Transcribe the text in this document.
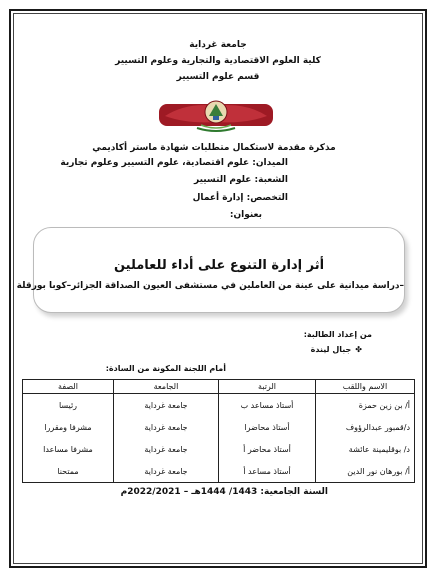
جامعة غرداية
كلية العلوم الاقتصادية والتجارية وعلوم التسيير
قسم علوم التسيير
مذكرة مقدمة لاستكمال متطلبات شهادة ماستر أكاديمي
الميدان: علوم اقتصادية، علوم التسيير وعلوم تجارية
الشعبة: علوم التسيير
التخصص: إدارة أعمال
بعنوان:
أثر إدارة التنوع على أداء للعاملين
–دراسة ميدانية على عينة من العاملين في مستشفى العيون الصداقة الجزائر–كوبا بورقلة
من إعداد الطالبة:
✤جبال ليندة
أمام اللجنة المكونة من السادة:
الاسم واللقب	الرتبة	الجامعة	الصفة
أ/ بن زين حمزة	أستاذ مساعد ب	جامعة غرداية	رئيسا
د/قمبور عبدالرؤوف	أستاذ محاضرا	جامعة غرداية	مشرفا ومقررا
د/ بوقليمينة عائشة	أستاذ محاضر أ	جامعة غرداية	مشرفا مساعدا
أ/ بورهان نور الدين	أستاذ مساعد أ	جامعة غرداية	ممتحنا
السنة الجامعية: 1443/ 1444هـ – 2022/2021م
